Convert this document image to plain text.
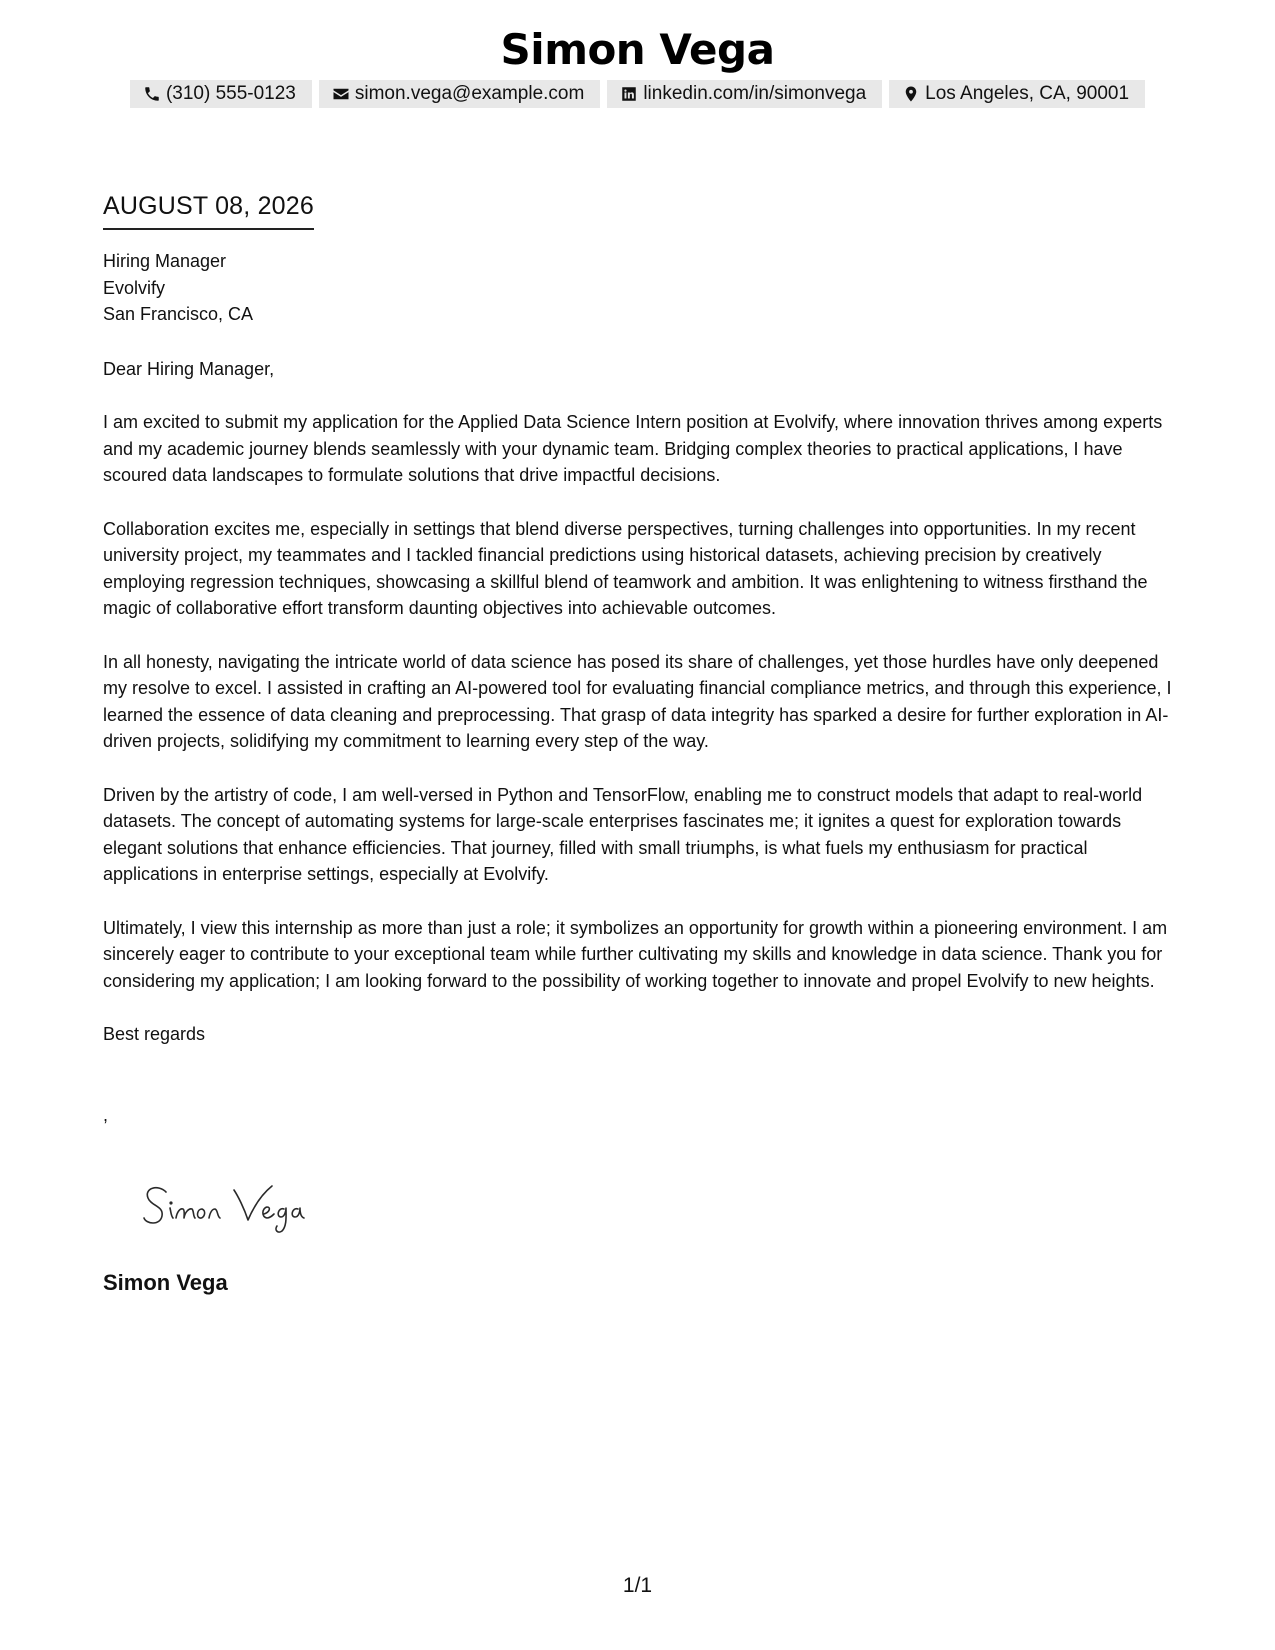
Simon Vega
(310) 555-0123	simon.vega@example.com	linkedin.com/in/simonvega	Los Angeles, CA, 90001
AUGUST 08, 2026
Hiring Manager
Evolvify
San Francisco, CA

Dear Hiring Manager,

I am excited to submit my application for the Applied Data Science Intern position at Evolvify, where innovation thrives among experts and my academic journey blends seamlessly with your dynamic team. Bridging complex theories to practical applications, I have scoured data landscapes to formulate solutions that drive impactful decisions.

Collaboration excites me, especially in settings that blend diverse perspectives, turning challenges into opportunities. In my recent university project, my teammates and I tackled financial predictions using historical datasets, achieving precision by creatively employing regression techniques, showcasing a skillful blend of teamwork and ambition. It was enlightening to witness firsthand the magic of collaborative effort transform daunting objectives into achievable outcomes.

In all honesty, navigating the intricate world of data science has posed its share of challenges, yet those hurdles have only deepened my resolve to excel. I assisted in crafting an AI-powered tool for evaluating financial compliance metrics, and through this experience, I learned the essence of data cleaning and preprocessing. That grasp of data integrity has sparked a desire for further exploration in AI-driven projects, solidifying my commitment to learning every step of the way.

Driven by the artistry of code, I am well-versed in Python and TensorFlow, enabling me to construct models that adapt to real-world datasets. The concept of automating systems for large-scale enterprises fascinates me; it ignites a quest for exploration towards elegant solutions that enhance efficiencies. That journey, filled with small triumphs, is what fuels my enthusiasm for practical applications in enterprise settings, especially at Evolvify.

Ultimately, I view this internship as more than just a role; it symbolizes an opportunity for growth within a pioneering environment. I am sincerely eager to contribute to your exceptional team while further cultivating my skills and knowledge in data science. Thank you for considering my application; I am looking forward to the possibility of working together to innovate and propel Evolvify to new heights.

Best regards

,

Simon Vega
1/1
